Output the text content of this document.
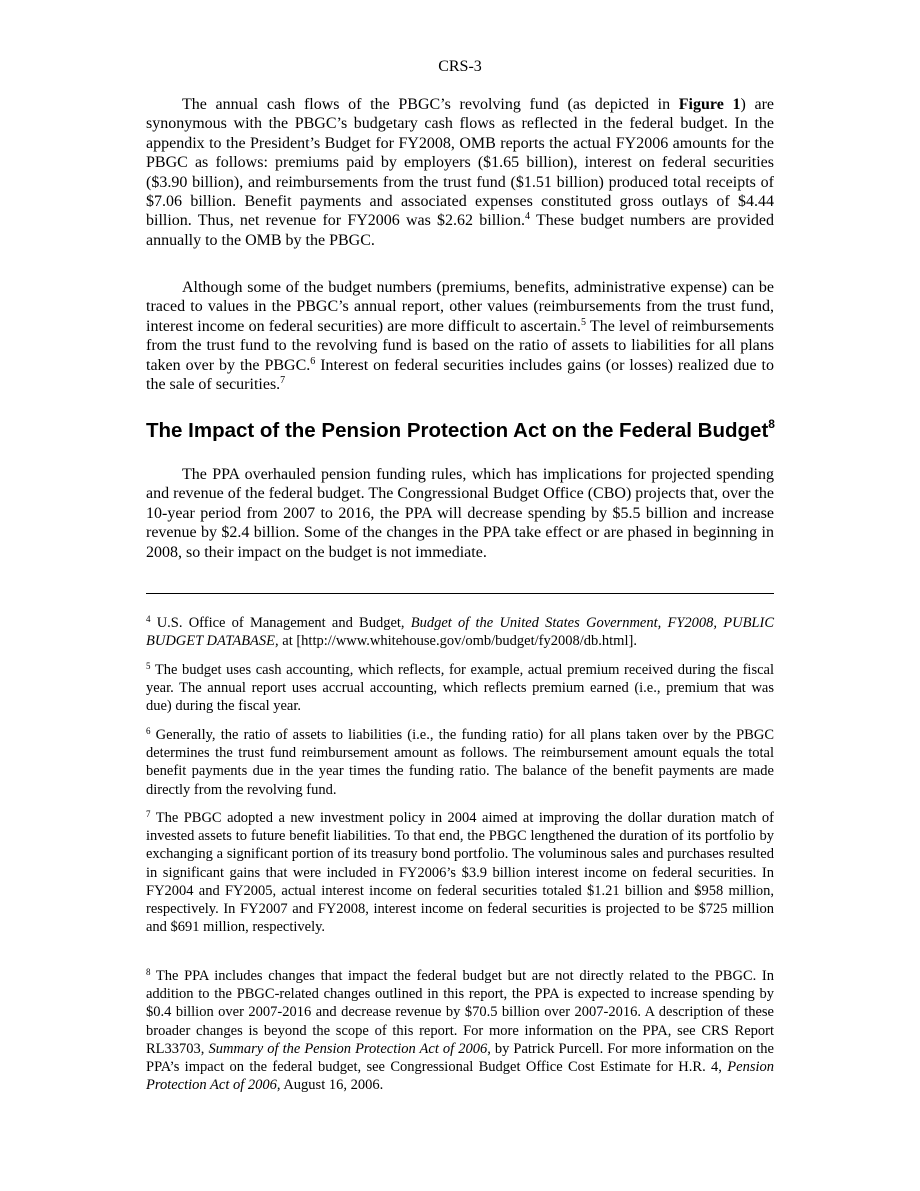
CRS-3

The annual cash flows of the PBGC’s revolving fund (as depicted in Figure 1) are synonymous with the PBGC’s budgetary cash flows as reflected in the federal budget. In the appendix to the President’s Budget for FY2008, OMB reports the actual FY2006 amounts for the PBGC as follows: premiums paid by employers ($1.65 billion), interest on federal securities ($3.90 billion), and reimbursements from the trust fund ($1.51 billion) produced total receipts of $7.06 billion. Benefit payments and associated expenses constituted gross outlays of $4.44 billion. Thus, net revenue for FY2006 was $2.62 billion.$^4$ These budget numbers are provided annually to the OMB by the PBGC.

Although some of the budget numbers (premiums, benefits, administrative expense) can be traced to values in the PBGC’s annual report, other values (reimbursements from the trust fund, interest income on federal securities) are more difficult to ascertain.$^5$ The level of reimbursements from the trust fund to the revolving fund is based on the ratio of assets to liabilities for all plans taken over by the PBGC.$^6$ Interest on federal securities includes gains (or losses) realized due to the sale of securities.$^7$

The Impact of the Pension Protection Act on the Federal Budget$^8$

The PPA overhauled pension funding rules, which has implications for projected spending and revenue of the federal budget. The Congressional Budget Office (CBO) projects that, over the 10-year period from 2007 to 2016, the PPA will decrease spending by $5.5 billion and increase revenue by $2.4 billion. Some of the changes in the PPA take effect or are phased in beginning in 2008, so their impact on the budget is not immediate.

$^4$ U.S. Office of Management and Budget, Budget of the United States Government, FY2008, PUBLIC BUDGET DATABASE, at [http://www.whitehouse.gov/omb/budget/fy2008/db.html].

$^5$ The budget uses cash accounting, which reflects, for example, actual premium received during the fiscal year. The annual report uses accrual accounting, which reflects premium earned (i.e., premium that was due) during the fiscal year.

$^6$ Generally, the ratio of assets to liabilities (i.e., the funding ratio) for all plans taken over by the PBGC determines the trust fund reimbursement amount as follows. The reimbursement amount equals the total benefit payments due in the year times the funding ratio. The balance of the benefit payments are made directly from the revolving fund.

$^7$ The PBGC adopted a new investment policy in 2004 aimed at improving the dollar duration match of invested assets to future benefit liabilities. To that end, the PBGC lengthened the duration of its portfolio by exchanging a significant portion of its treasury bond portfolio. The voluminous sales and purchases resulted in significant gains that were included in FY2006’s $3.9 billion interest income on federal securities. In FY2004 and FY2005, actual interest income on federal securities totaled $1.21 billion and $958 million, respectively. In FY2007 and FY2008, interest income on federal securities is projected to be $725 million and $691 million, respectively.

$^8$ The PPA includes changes that impact the federal budget but are not directly related to the PBGC. In addition to the PBGC-related changes outlined in this report, the PPA is expected to increase spending by $0.4 billion over 2007-2016 and decrease revenue by $70.5 billion over 2007-2016. A description of these broader changes is beyond the scope of this report. For more information on the PPA, see CRS Report RL33703, Summary of the Pension Protection Act of 2006, by Patrick Purcell. For more information on the PPA’s impact on the federal budget, see Congressional Budget Office Cost Estimate for H.R. 4, Pension Protection Act of 2006, August 16, 2006.
